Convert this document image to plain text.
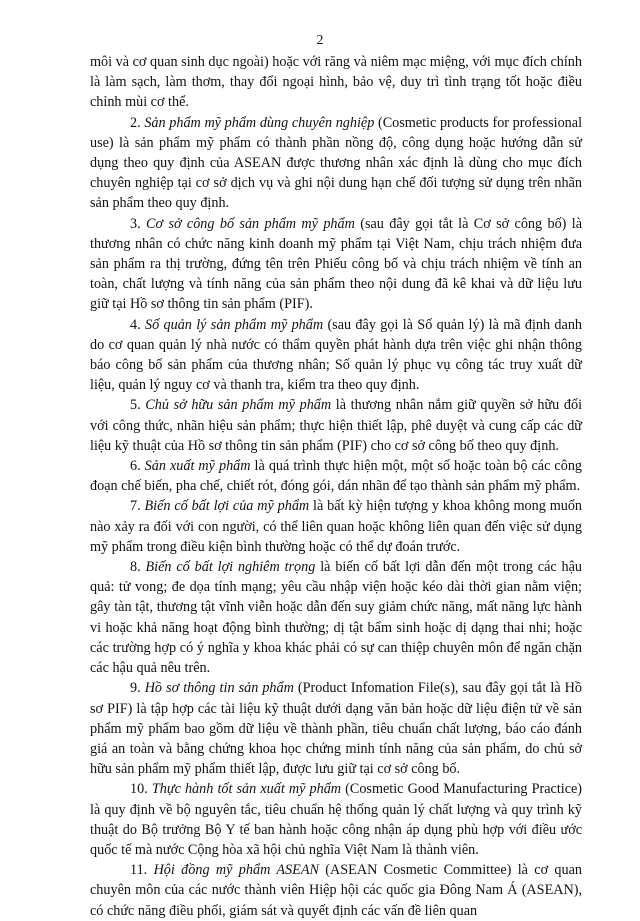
2

môi và cơ quan sinh dục ngoài) hoặc với răng và niêm mạc miệng, với mục đích chính là làm sạch, làm thơm, thay đổi ngoại hình, bảo vệ, duy trì tình trạng tốt hoặc điều chỉnh mùi cơ thể.

2. Sản phẩm mỹ phẩm dùng chuyên nghiệp (Cosmetic products for professional use) là sản phẩm mỹ phẩm có thành phần nồng độ, công dụng hoặc hướng dẫn sử dụng theo quy định của ASEAN được thương nhân xác định là dùng cho mục đích chuyên nghiệp tại cơ sở dịch vụ và ghi nội dung hạn chế đối tượng sử dụng trên nhãn sản phẩm theo quy định.

3. Cơ sở công bố sản phẩm mỹ phẩm (sau đây gọi tắt là Cơ sở công bố) là thương nhân có chức năng kinh doanh mỹ phẩm tại Việt Nam, chịu trách nhiệm đưa sản phẩm ra thị trường, đứng tên trên Phiếu công bố và chịu trách nhiệm về tính an toàn, chất lượng và tính năng của sản phẩm theo nội dung đã kê khai và dữ liệu lưu giữ tại Hồ sơ thông tin sản phẩm (PIF).

4. Số quản lý sản phẩm mỹ phẩm (sau đây gọi là Số quản lý) là mã định danh do cơ quan quản lý nhà nước có thẩm quyền phát hành dựa trên việc ghi nhận thông báo công bố sản phẩm của thương nhân; Số quản lý phục vụ công tác truy xuất dữ liệu, quản lý nguy cơ và thanh tra, kiểm tra theo quy định.

5. Chủ sở hữu sản phẩm mỹ phẩm là thương nhân nắm giữ quyền sở hữu đối với công thức, nhãn hiệu sản phẩm; thực hiện thiết lập, phê duyệt và cung cấp các dữ liệu kỹ thuật của Hồ sơ thông tin sản phẩm (PIF) cho cơ sở công bố theo quy định.

6. Sản xuất mỹ phẩm là quá trình thực hiện một, một số hoặc toàn bộ các công đoạn chế biến, pha chế, chiết rót, đóng gói, dán nhãn để tạo thành sản phẩm mỹ phẩm.

7. Biến cố bất lợi của mỹ phẩm là bất kỳ hiện tượng y khoa không mong muốn nào xảy ra đối với con người, có thể liên quan hoặc không liên quan đến việc sử dụng mỹ phẩm trong điều kiện bình thường hoặc có thể dự đoán trước.

8. Biến cố bất lợi nghiêm trọng là biến cố bất lợi dẫn đến một trong các hậu quả: tử vong; đe dọa tính mạng; yêu cầu nhập viện hoặc kéo dài thời gian nằm viện; gây tàn tật, thương tật vĩnh viễn hoặc dẫn đến suy giảm chức năng, mất năng lực hành vi hoặc khả năng hoạt động bình thường; dị tật bẩm sinh hoặc dị dạng thai nhi; hoặc các trường hợp có ý nghĩa y khoa khác phải có sự can thiệp chuyên môn để ngăn chặn các hậu quả nêu trên.

9. Hồ sơ thông tin sản phẩm (Product Infomation File(s), sau đây gọi tắt là Hồ sơ PIF) là tập hợp các tài liệu kỹ thuật dưới dạng văn bản hoặc dữ liệu điện tử về sản phẩm mỹ phẩm bao gồm dữ liệu về thành phần, tiêu chuẩn chất lượng, báo cáo đánh giá an toàn và bằng chứng khoa học chứng minh tính năng của sản phẩm, do chủ sở hữu sản phẩm mỹ phẩm thiết lập, được lưu giữ tại cơ sở công bố.

10. Thực hành tốt sản xuất mỹ phẩm (Cosmetic Good Manufacturing Practice) là quy định về bộ nguyên tắc, tiêu chuẩn hệ thống quản lý chất lượng và quy trình kỹ thuật do Bộ trưởng Bộ Y tế ban hành hoặc công nhận áp dụng phù hợp với điều ước quốc tế mà nước Cộng hòa xã hội chủ nghĩa Việt Nam là thành viên.

11. Hội đồng mỹ phẩm ASEAN (ASEAN Cosmetic Committee) là cơ quan chuyên môn của các nước thành viên Hiệp hội các quốc gia Đông Nam Á (ASEAN), có chức năng điều phối, giám sát và quyết định các vấn đề liên quan
